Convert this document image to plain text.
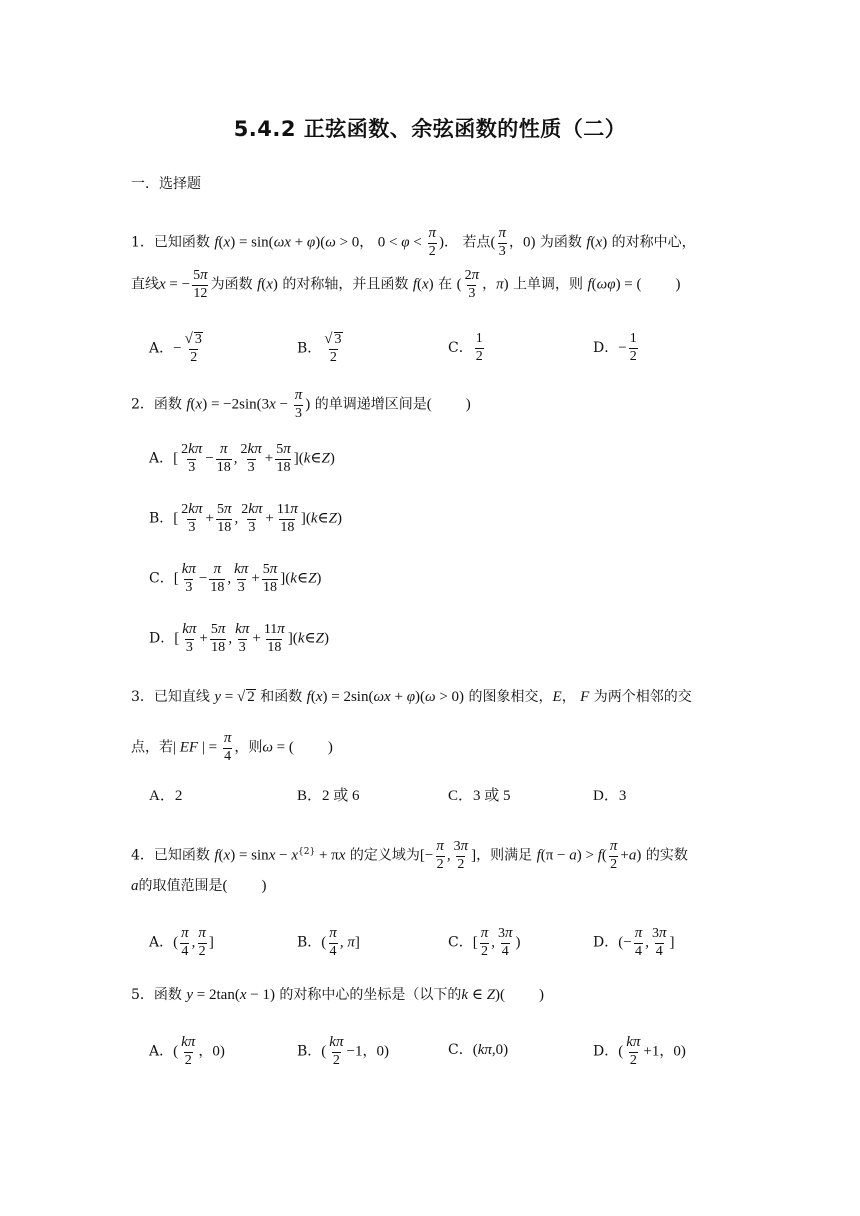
5.4.2 正弦函数、余弦函数的性质（二）
一．选择题
1．已知函数 f(x) = sin(ωx + φ)(ω > 0， $0 < \varphi < \frac{\pi}{2}$ )． 若点( $\frac{\pi}{3}$ ，0) 为函数 f(x) 的对称中心，
直线x = − $\frac{5\pi}{12}$ 为函数 f(x) 的对称轴，并且函数 f(x) 在 ( $\frac{2\pi}{3}$ ，π) 上单调，则 f(ωφ) = ( )
A．− $\frac{√ 3}{2}$	B． $\frac{√ 3}{2}$	C． $\frac{1}{2}$	D．− $\frac{1}{2}$
2．函数 $f(x) = -2\sin(3x - \frac{\pi}{3}$ ) 的单调递增区间是( )
A．[ $\frac{2k\pi}{3} - \frac{\pi}{18}$ , $\frac{2k\pi}{3} + \frac{5\pi}{18}$ ](k∈Z)
B．[ $\frac{2k\pi}{3} + \frac{5\pi}{18}$ , $\frac{2k\pi}{3} + \frac{11\pi}{18}$ ](k∈Z)
C．[ $\frac{k\pi}{3} - \frac{\pi}{18}$ , $\frac{k\pi}{3} + \frac{5\pi}{18}$ ](k∈Z)
D．[ $\frac{k\pi}{3} + \frac{5\pi}{18}$ , $\frac{k\pi}{3} + \frac{11\pi}{18}$ ](k∈Z)
3．已知直线 y = √ 2 和函数 f(x) = 2sin(ωx + φ)(ω > 0) 的图象相交，E， F 为两个相邻的交
点，若| EF | = $\frac{\pi}{4}$ ，则ω = ( )
A．2	B．2 或 6	C．3 或 5	D．3
4．已知函数 $f(x) = \sin x - x^{\{2\}} + \pi x$ 的定义域为[− $\frac{\pi}{2}$ , $\frac{3\pi}{2}$ ]，则满足 $f(\pi - a) > f( \frac{\pi}{2} +a)$ 的实数
a的取值范围是( )
A．( $\frac{\pi}{4}$ , $\frac{\pi}{2}$ ]	B．( $\frac{\pi}{4}$ , π]	C．[ $\frac{\pi}{2}$ , $\frac{3\pi}{4}$ )	D．(− $\frac{\pi}{4}$ , $\frac{3\pi}{4}$ ]
5．函数 y = 2tan(x − 1) 的对称中心的坐标是（以下的k ∈ Z)( )
A．( $\frac{k\pi}{2}$ ，0)	B．( $\frac{k\pi}{2} -1$，0)	C．(kπ,0)	D．( $\frac{k\pi}{2} +1$，0)
